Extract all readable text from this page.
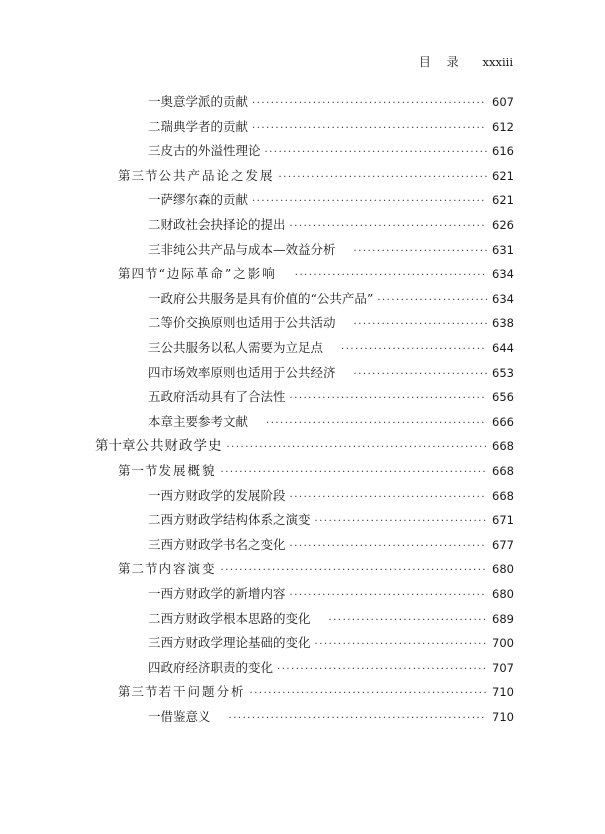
目 录 xxxiii
一 奥意学派的贡献 ·····	607
二 瑞典学者的贡献 ·····	612
三 皮古的外溢性理论 ·····	616
第三节 公共产品论之发展 ·····	621
一 萨缪尔森的贡献 ·····	621
二 财政社会抉择论的提出 ·····	626
三 非纯公共产品与成本—效益分析 ·····	631
第四节 “边际革命”之影响 ·····	634
一 政府公共服务是具有价值的“公共产品” ·····	634
二 等价交换原则也适用于公共活动 ·····	638
三 公共服务以私人需要为立足点 ·····	644
四 市场效率原则也适用于公共经济 ·····	653
五 政府活动具有了合法性 ·····	656
本章主要参考文献 ·····	666
第十章 公共财政学史 ·····	668
第一节 发展概貌 ·····	668
一 西方财政学的发展阶段 ·····	668
二 西方财政学结构体系之演变 ·····	671
三 西方财政学书名之变化 ·····	677
第二节 内容演变 ·····	680
一 西方财政学的新增内容 ·····	680
二 西方财政学根本思路的变化 ·····	689
三 西方财政学理论基础的变化 ·····	700
四 政府经济职责的变化 ·····	707
第三节 若干问题分析 ·····	710
一 借鉴意义 ·····	710
